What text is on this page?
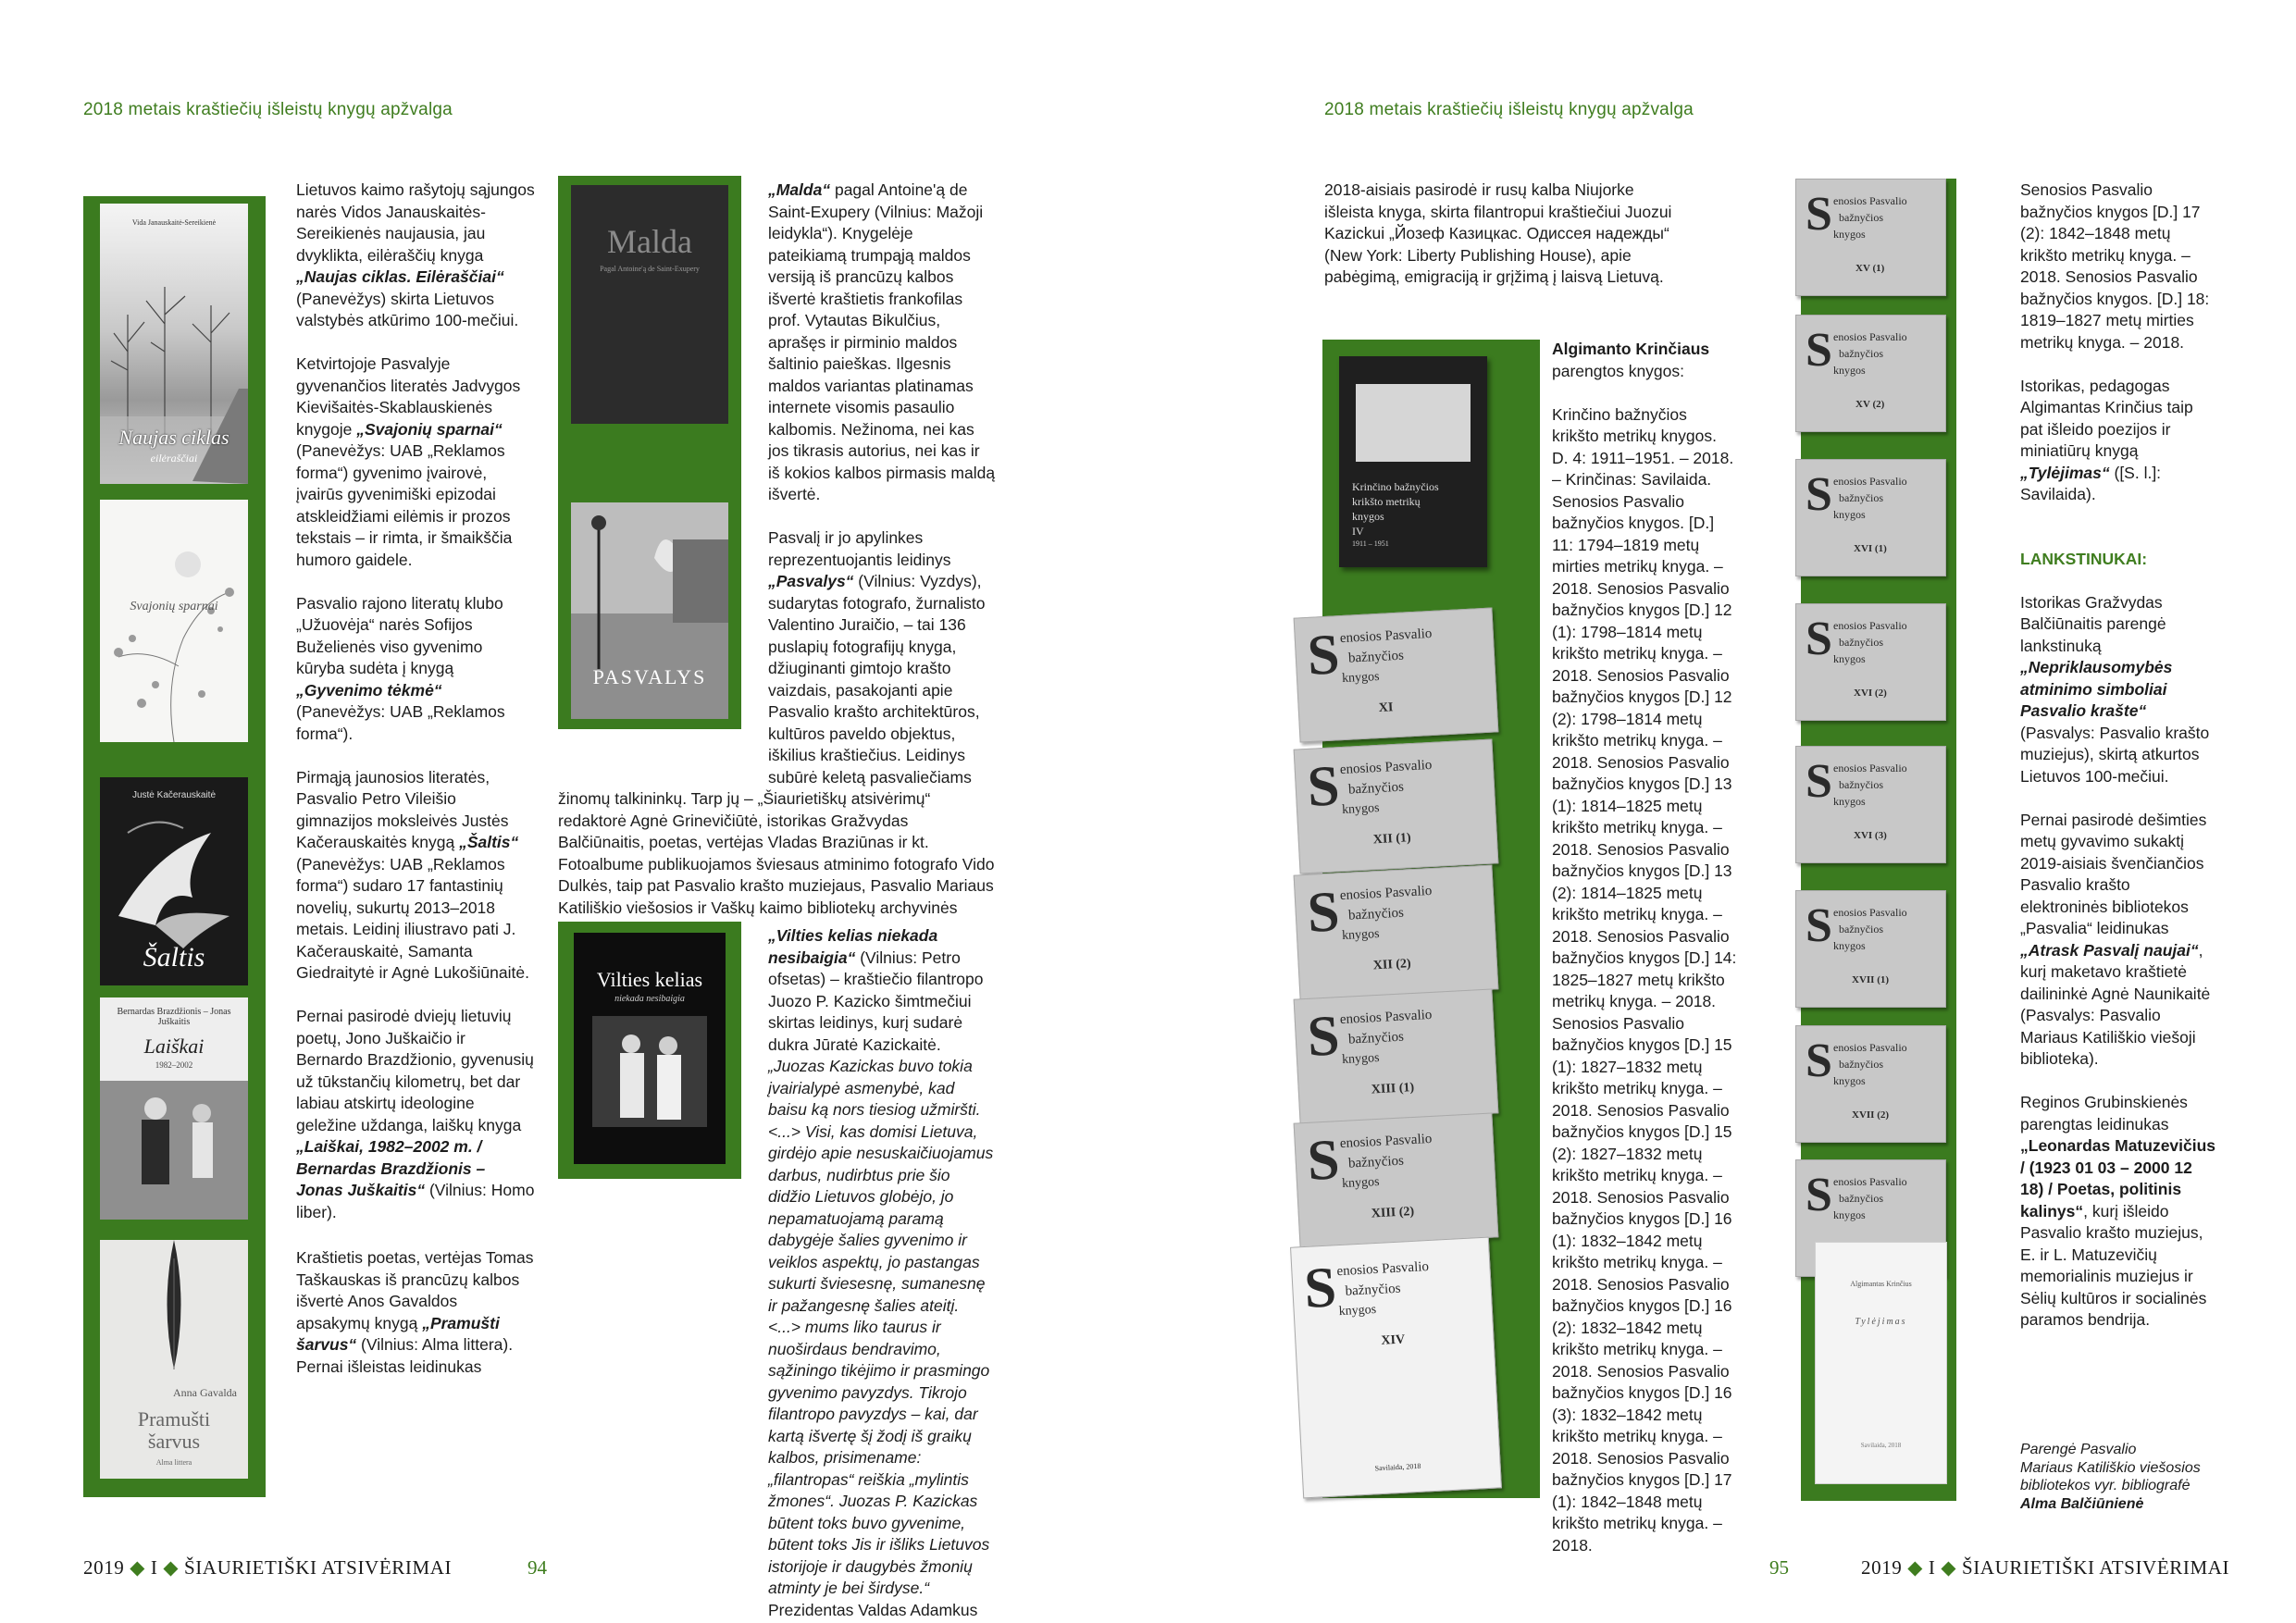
2018 metais kraštiečių išleistų knygų apžvalga
Vida Janauskaitė-Sereikienė
Naujas ciklas
eilėraščiai
Svajonių sparnai
Justė Kačerauskaitė
Šaltis
Bernardas Brazdžionis – Jonas Juškaitis
Laiškai
1982–2002
Anna Gavalda
Pramušti šarvus
Alma littera

Lietuvos kaimo rašytojų sąjungos narės Vidos Janauskaitės-Sereikienės naujausia, jau dvyklikta, eilėraščių knyga „Naujas ciklas. Eilėraščiai“ (Panevėžys) skirta Lietuvos valstybės atkūrimo 100-mečiui.

Ketvirtojoje Pasvalyje gyvenančios literatės Jadvygos Kievišaitės-Skablauskienės knygoje „Svajonių sparnai“ (Panevėžys: UAB „Reklamos forma“) gyvenimo įvairovė, įvairūs gyvenimiški epizodai atskleidžiami eilėmis ir prozos tekstais – ir rimta, ir šmaikščia humoro gaidele.

Pasvalio rajono literatų klubo „Užuovėja“ narės Sofijos Buželienės viso gyvenimo kūryba sudėta į knygą „Gyvenimo tėkmė“ (Panevėžys: UAB „Reklamos forma“).

Pirmąją jaunosios literatės, Pasvalio Petro Vileišio gimnazijos moksleivės Justės Kačerauskaitės knygą „Šaltis“ (Panevėžys: UAB „Reklamos forma“) sudaro 17 fantastinių novelių, sukurtų 2013–2018 metais. Leidinį iliustravo pati J. Kačerauskaitė, Samanta Giedraitytė ir Agnė Lukošiūnaitė.

Pernai pasirodė dviejų lietuvių poetų, Jono Juškaičio ir Bernardo Brazdžionio, gyvenusių už tūkstančių kilometrų, bet dar labiau atskirtų ideologine geležine uždanga, laiškų knyga „Laiškai, 1982–2002 m. / Bernardas Brazdžionis – Jonas Juškaitis“ (Vilnius: Homo liber).

Kraštietis poetas, vertėjas Tomas Taškauskas iš prancūzų kalbos išvertė Anos Gavaldos apsakymų knygą „Pramušti šarvus“ (Vilnius: Alma littera). Pernai išleistas leidinukas

Malda
Pagal Antoine'ą de Saint-Exupery
PASVALYS

„Malda“ pagal Antoine'ą de Saint-Exupery (Vilnius: Mažoji leidykla“). Knygelėje pateikiamą trumpąją maldos versiją iš prancūzų kalbos išvertė kraštietis frankofilas prof. Vytautas Bikulčius, aprašęs ir pirminio maldos šaltinio paieškas. Ilgesnis maldos variantas platinamas internete visomis pasaulio kalbomis. Nežinoma, nei kas jos tikrasis autorius, nei kas ir iš kokios kalbos pirmasis maldą išvertė.

Pasvalį ir jo apylinkes reprezentuojantis leidinys „Pasvalys“ (Vilnius: Vyzdys), sudarytas fotografo, žurnalisto Valentino Juraičio, – tai 136 puslapių fotografijų knyga, džiuginanti gimtojo krašto vaizdais, pasakojanti apie Pasvalio krašto architektūros, kultūros paveldo objektus, iškilius kraštiečius. Leidinys subūrė keletą pasvaliečiams

žinomų talkininkų. Tarp jų – „Šiaurietiškų atsivėrimų“ redaktorė Agnė Grinevičiūtė, istorikas Gražvydas Balčiūnaitis, poetas, vertėjas Vladas Braziūnas ir kt. Fotoalbume publikuojamos šviesaus atminimo fotografo Vido Dulkės, taip pat Pasvalio krašto muziejaus, Pasvalio Mariaus Katiliškio viešosios ir Vaškų kaimo bibliotekų archyvinės

Vilties kelias
niekada nesibaigia

„Vilties kelias niekada nesibaigia“ (Vilnius: Petro ofsetas) – kraštiečio filantropo Juozo P. Kazicko šimtmečiui skirtas leidinys, kurį sudarė dukra Jūratė Kazickaitė. „Juozas Kazickas buvo tokia įvairialypė asmenybė, kad baisu ką nors tiesiog užmiršti. <...> Visi, kas domisi Lietuva, girdėjo apie nesuskaičiuojamus darbus, nudirbtus prie šio didžio Lietuvos globėjo, jo nepamatuojamą paramą dabygėje šalies gyvenimo ir veiklos aspektų, jo pastangas sukurti šviesesnę, sumanesnę ir pažangesnę šalies ateitį. <...> mums liko taurus ir nuoširdaus bendravimo, sąžiningo tikėjimo ir prasmingo gyvenimo pavyzdys. Tikrojo filantropo pavyzdys – kai, dar kartą išvertę šį žodį iš graikų kalbos, prisimename: „filantropas“ reiškia „mylintis žmones“. Juozas P. Kazickas būtent toks buvo gyvenime, būtent toks Jis ir išliks Lietuvos istorijoje ir daugybės žmonių atminty je bei širdyse.“ Prezidentas Valdas Adamkus

2019 ◆ I ◆ ŠIAURIETIŠKI ATSIVĖRIMAI	94
2018 metais kraštiečių išleistų knygų apžvalga

2018-aisiais pasirodė ir rusų kalba Niujorke išleista knyga, skirta filantropui kraštiečiui Juozui Kazickui „Йозеф Казицкас. Одиссея надежды“ (New York: Liberty Publishing House), apie pabėgimą, emigraciją ir grįžimą į laisvą Lietuvą.

Krinčino bažnyčios
krikšto metrikų
knygos
IV
1911 – 1951
S
enosios Pasvalio
bažnyčios
knygos
XI
S
enosios Pasvalio
bažnyčios
knygos
XII (1)
S
enosios Pasvalio
bažnyčios
knygos
XII (2)
S
enosios Pasvalio
bažnyčios
knygos
XIII (1)
S
enosios Pasvalio
bažnyčios
knygos
XIII (2)
S
enosios Pasvalio
bažnyčios
knygos
XIV
Savilaida, 2018

Algimanto Krinčiaus
parengtos knygos:

Krinčino bažnyčios krikšto metrikų knygos. D. 4: 1911–1951. – 2018. – Krinčinas: Savilaida. Senosios Pasvalio bažnyčios knygos. [D.] 11: 1794–1819 metų mirties metrikų knyga. – 2018. Senosios Pasvalio bažnyčios knygos [D.] 12 (1): 1798–1814 metų krikšto metrikų knyga. – 2018. Senosios Pasvalio bažnyčios knygos [D.] 12 (2): 1798–1814 metų krikšto metrikų knyga. – 2018. Senosios Pasvalio bažnyčios knygos [D.] 13 (1): 1814–1825 metų krikšto metrikų knyga. – 2018. Senosios Pasvalio bažnyčios knygos [D.] 13 (2): 1814–1825 metų krikšto metrikų knyga. – 2018. Senosios Pasvalio bažnyčios knygos [D.] 14: 1825–1827 metų krikšto metrikų knyga. – 2018. Senosios Pasvalio bažnyčios knygos [D.] 15 (1): 1827–1832 metų krikšto metrikų knyga. – 2018. Senosios Pasvalio bažnyčios knygos [D.] 15 (2): 1827–1832 metų krikšto metrikų knyga. – 2018. Senosios Pasvalio bažnyčios knygos [D.] 16 (1): 1832–1842 metų krikšto metrikų knyga. – 2018. Senosios Pasvalio bažnyčios knygos [D.] 16 (2): 1832–1842 metų krikšto metrikų knyga. – 2018. Senosios Pasvalio bažnyčios knygos [D.] 16 (3): 1832–1842 metų krikšto metrikų knyga. – 2018. Senosios Pasvalio bažnyčios knygos [D.] 17 (1): 1842–1848 metų krikšto metrikų knyga. – 2018.

S enosios Pasvalio
bažnyčios
knygos
XV (1)
S enosios Pasvalio
bažnyčios
knygos
XV (2)
S enosios Pasvalio
bažnyčios
knygos
XVI (1)
S enosios Pasvalio
bažnyčios
knygos
XVI (2)
S enosios Pasvalio
bažnyčios
knygos
XVI (3)
S enosios Pasvalio
bažnyčios
knygos
XVII (1)
S enosios Pasvalio
bažnyčios
knygos
XVII (2)
S enosios Pasvalio
bažnyčios
knygos
Algimantas Krinčius
Tylėjimas
Savilaida, 2018

Senosios Pasvalio bažnyčios knygos [D.] 17 (2): 1842–1848 metų krikšto metrikų knyga. – 2018. Senosios Pasvalio bažnyčios knygos. [D.] 18: 1819–1827 metų mirties metrikų knyga. – 2018.

Istorikas, pedagogas Algimantas Krinčius taip pat išleido poezijos ir miniatiūrų knygą „Tylėjimas“ ([S. l.]: Savilaida).

LANKSTINUKAI:

Istorikas Gražvydas Balčiūnaitis parengė lankstinuką „Nepriklausomybės atminimo simboliai Pasvalio krašte“ (Pasvalys: Pasvalio krašto muziejus), skirtą atkurtos Lietuvos 100-mečiui.

Pernai pasirodė dešimties metų gyvavimo sukaktį 2019-aisiais švenčiančios Pasvalio krašto elektroninės bibliotekos „Pasvalia“ leidinukas „Atrask Pasvalį naujai“, kurį maketavo kraštietė dailininkė Agnė Naunikaitė (Pasvalys: Pasvalio Mariaus Katiliškio viešoji biblioteka).

Reginos Grubinskienės parengtas leidinukas „Leonardas Matuzevičius / (1923 01 03 – 2000 12 18) / Poetas, politinis kalinys“, kurį išleido Pasvalio krašto muziejus, E. ir L. Matuzevičių memorialinis muziejus ir Sėlių kultūros ir socialinės paramos bendrija.

Parengė Pasvalio
Mariaus Katiliškio viešosios
bibliotekos vyr. bibliografė
Alma Balčiūnienė
95	2019 ◆ I ◆ ŠIAURIETIŠKI ATSIVĖRIMAI
